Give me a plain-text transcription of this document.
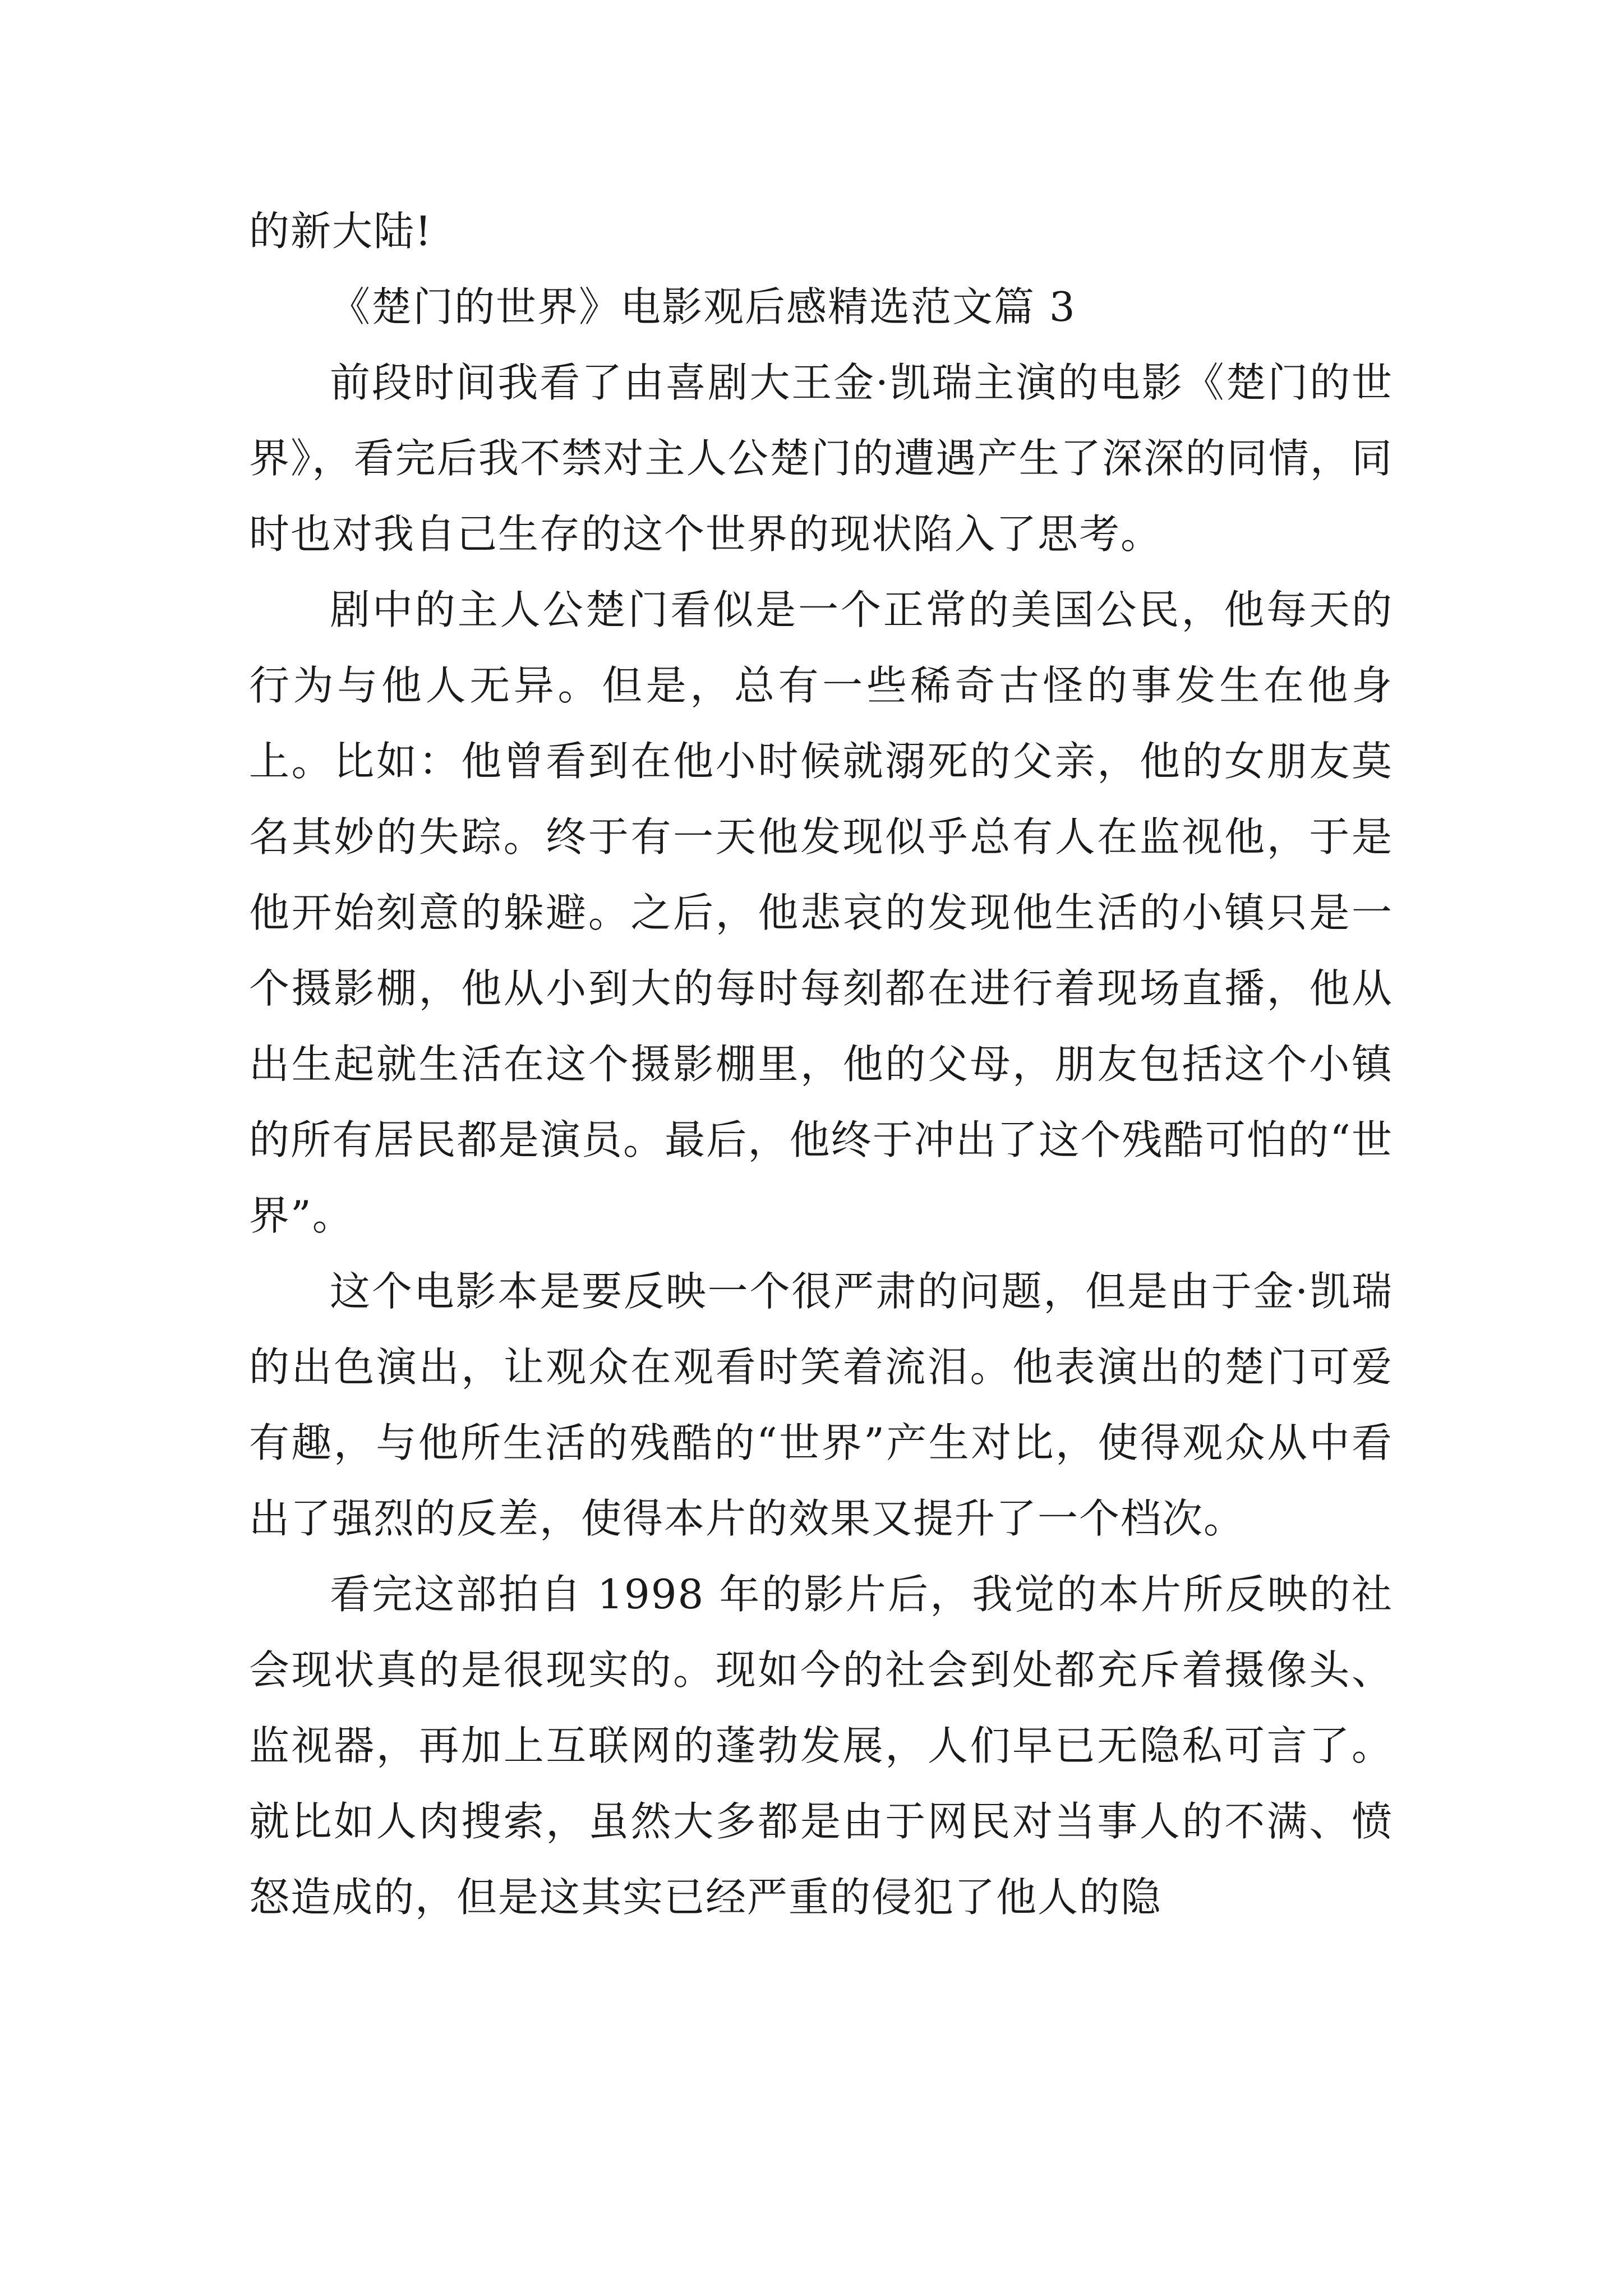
的新大陆!

《楚门的世界》电影观后感精选范文篇 3

前段时间我看了由喜剧大王金·凯瑞主演的电影《楚门的世界》，看完后我不禁对主人公楚门的遭遇产生了深深的同情，同时也对我自己生存的这个世界的现状陷入了思考。

剧中的主人公楚门看似是一个正常的美国公民，他每天的行为与他人无异。但是，总有一些稀奇古怪的事发生在他身上。比如：他曾看到在他小时候就溺死的父亲，他的女朋友莫名其妙的失踪。终于有一天他发现似乎总有人在监视他，于是他开始刻意的躲避。之后，他悲哀的发现他生活的小镇只是一个摄影棚，他从小到大的每时每刻都在进行着现场直播，他从出生起就生活在这个摄影棚里，他的父母，朋友包括这个小镇的所有居民都是演员。最后，他终于冲出了这个残酷可怕的“世界”。

这个电影本是要反映一个很严肃的问题，但是由于金·凯瑞的出色演出，让观众在观看时笑着流泪。他表演出的楚门可爱有趣，与他所生活的残酷的“世界”产生对比，使得观众从中看出了强烈的反差，使得本片的效果又提升了一个档次。

看完这部拍自 1998 年的影片后，我觉的本片所反映的社会现状真的是很现实的。现如今的社会到处都充斥着摄像头、监视器，再加上互联网的蓬勃发展，人们早已无隐私可言了。就比如人肉搜索，虽然大多都是由于网民对当事人的不满、愤怒造成的，但是这其实已经严重的侵犯了他人的隐
